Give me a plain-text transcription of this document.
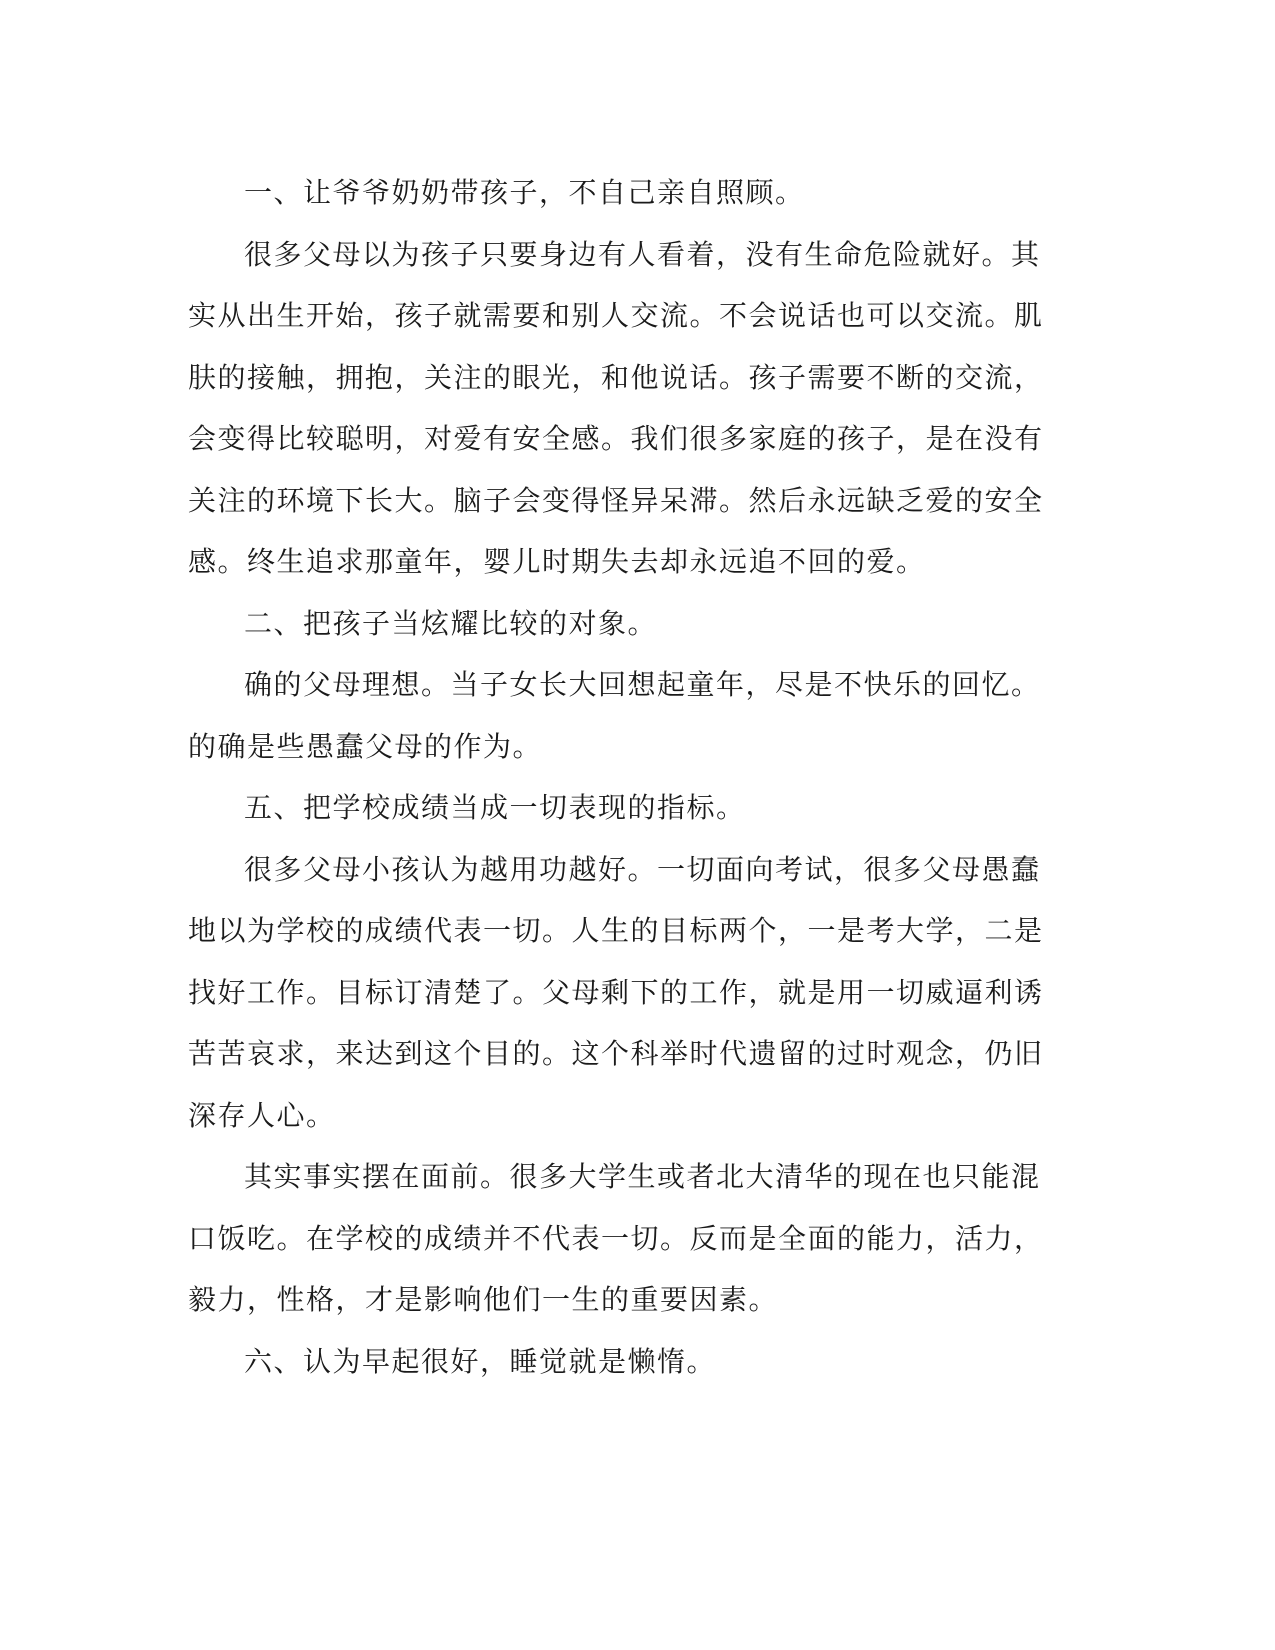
一、让爷爷奶奶带孩子，不自己亲自照顾。

很多父母以为孩子只要身边有人看着，没有生命危险就好。其实从出生开始，孩子就需要和别人交流。不会说话也可以交流。肌肤的接触，拥抱，关注的眼光，和他说话。孩子需要不断的交流，会变得比较聪明，对爱有安全感。我们很多家庭的孩子，是在没有关注的环境下长大。脑子会变得怪异呆滞。然后永远缺乏爱的安全感。终生追求那童年，婴儿时期失去却永远追不回的爱。

二、把孩子当炫耀比较的对象。

确的父母理想。当子女长大回想起童年，尽是不快乐的回忆。的确是些愚蠢父母的作为。

五、把学校成绩当成一切表现的指标。

很多父母小孩认为越用功越好。一切面向考试，很多父母愚蠢地以为学校的成绩代表一切。人生的目标两个，一是考大学，二是找好工作。目标订清楚了。父母剩下的工作，就是用一切威逼利诱苦苦哀求，来达到这个目的。这个科举时代遗留的过时观念，仍旧深存人心。

其实事实摆在面前。很多大学生或者北大清华的现在也只能混口饭吃。在学校的成绩并不代表一切。反而是全面的能力，活力，毅力，性格，才是影响他们一生的重要因素。

六、认为早起很好，睡觉就是懒惰。
